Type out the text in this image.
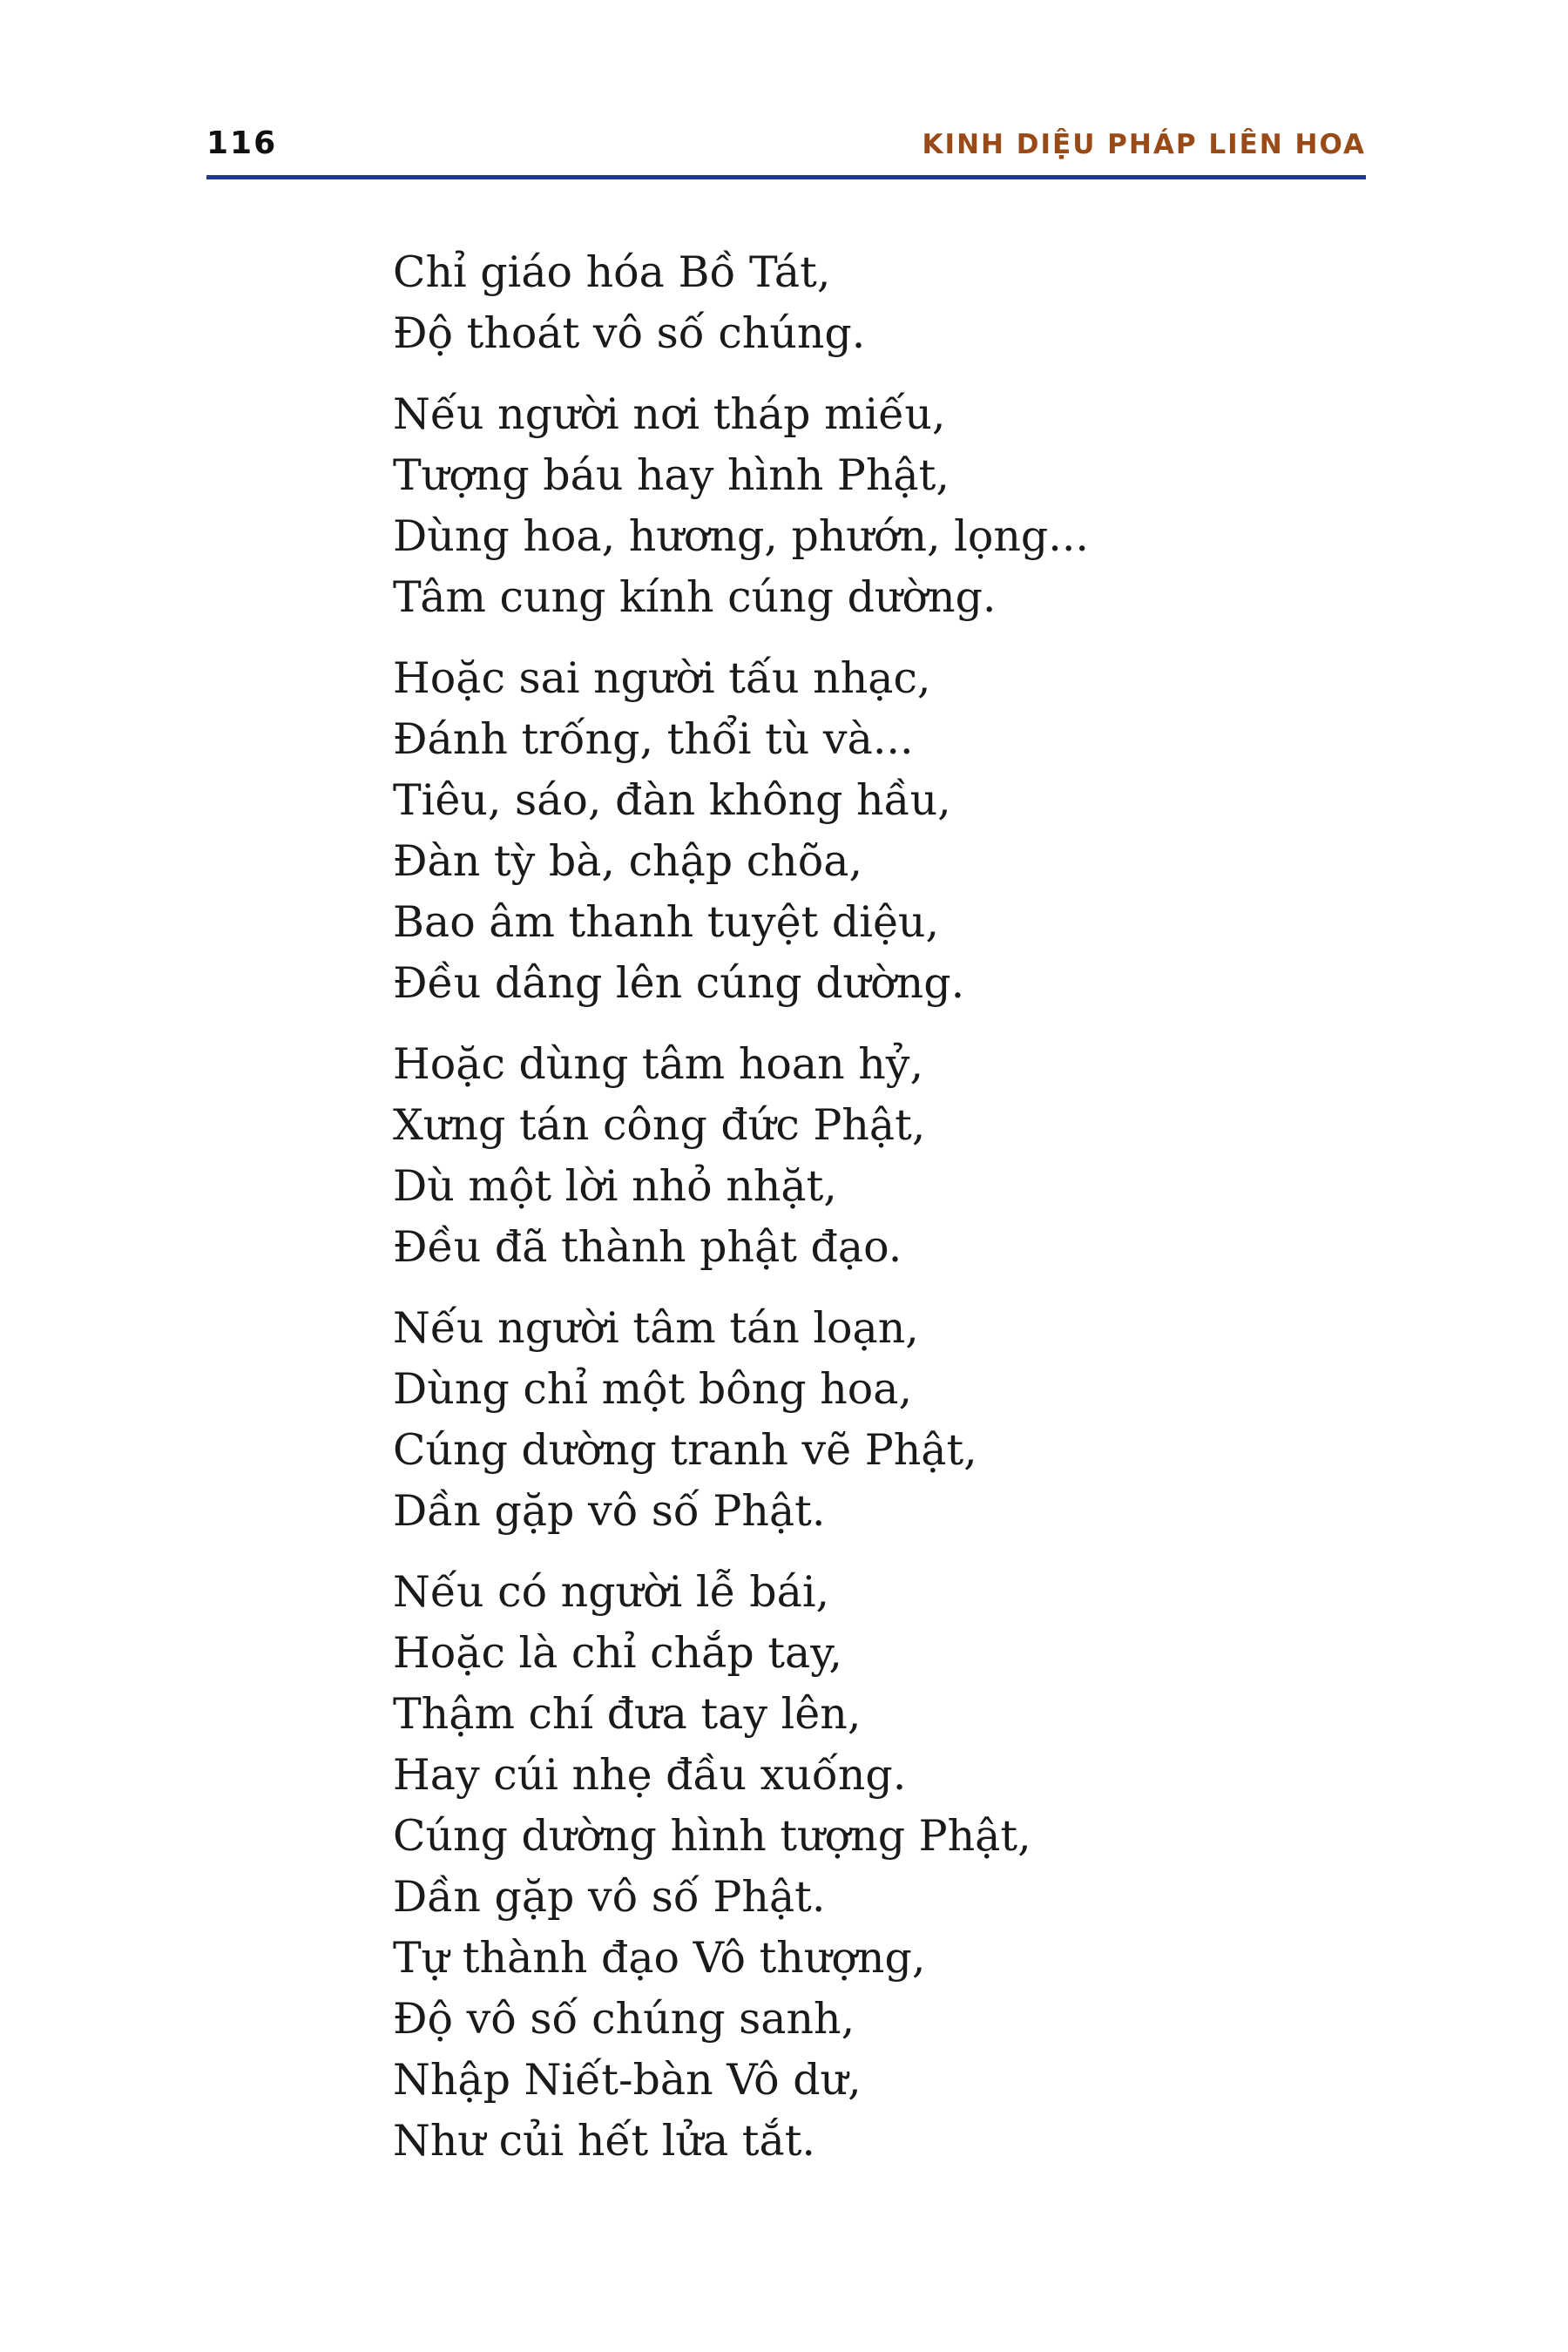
116	KINH DIỆU PHÁP LIÊN HOA
Chỉ giáo hóa Bồ Tát,
Độ thoát vô số chúng.
Nếu người nơi tháp miếu,
Tượng báu hay hình Phật,
Dùng hoa, hương, phướn, lọng...
Tâm cung kính cúng dường.
Hoặc sai người tấu nhạc,
Đánh trống, thổi tù và...
Tiêu, sáo, đàn không hầu,
Đàn tỳ bà, chập chõa,
Bao âm thanh tuyệt diệu,
Đều dâng lên cúng dường.
Hoặc dùng tâm hoan hỷ,
Xưng tán công đức Phật,
Dù một lời nhỏ nhặt,
Đều đã thành phật đạo.
Nếu người tâm tán loạn,
Dùng chỉ một bông hoa,
Cúng dường tranh vẽ Phật,
Dần gặp vô số Phật.
Nếu có người lễ bái,
Hoặc là chỉ chắp tay,
Thậm chí đưa tay lên,
Hay cúi nhẹ đầu xuống.
Cúng dường hình tượng Phật,
Dần gặp vô số Phật.
Tự thành đạo Vô thượng,
Độ vô số chúng sanh,
Nhập Niết-bàn Vô dư,
Như củi hết lửa tắt.
